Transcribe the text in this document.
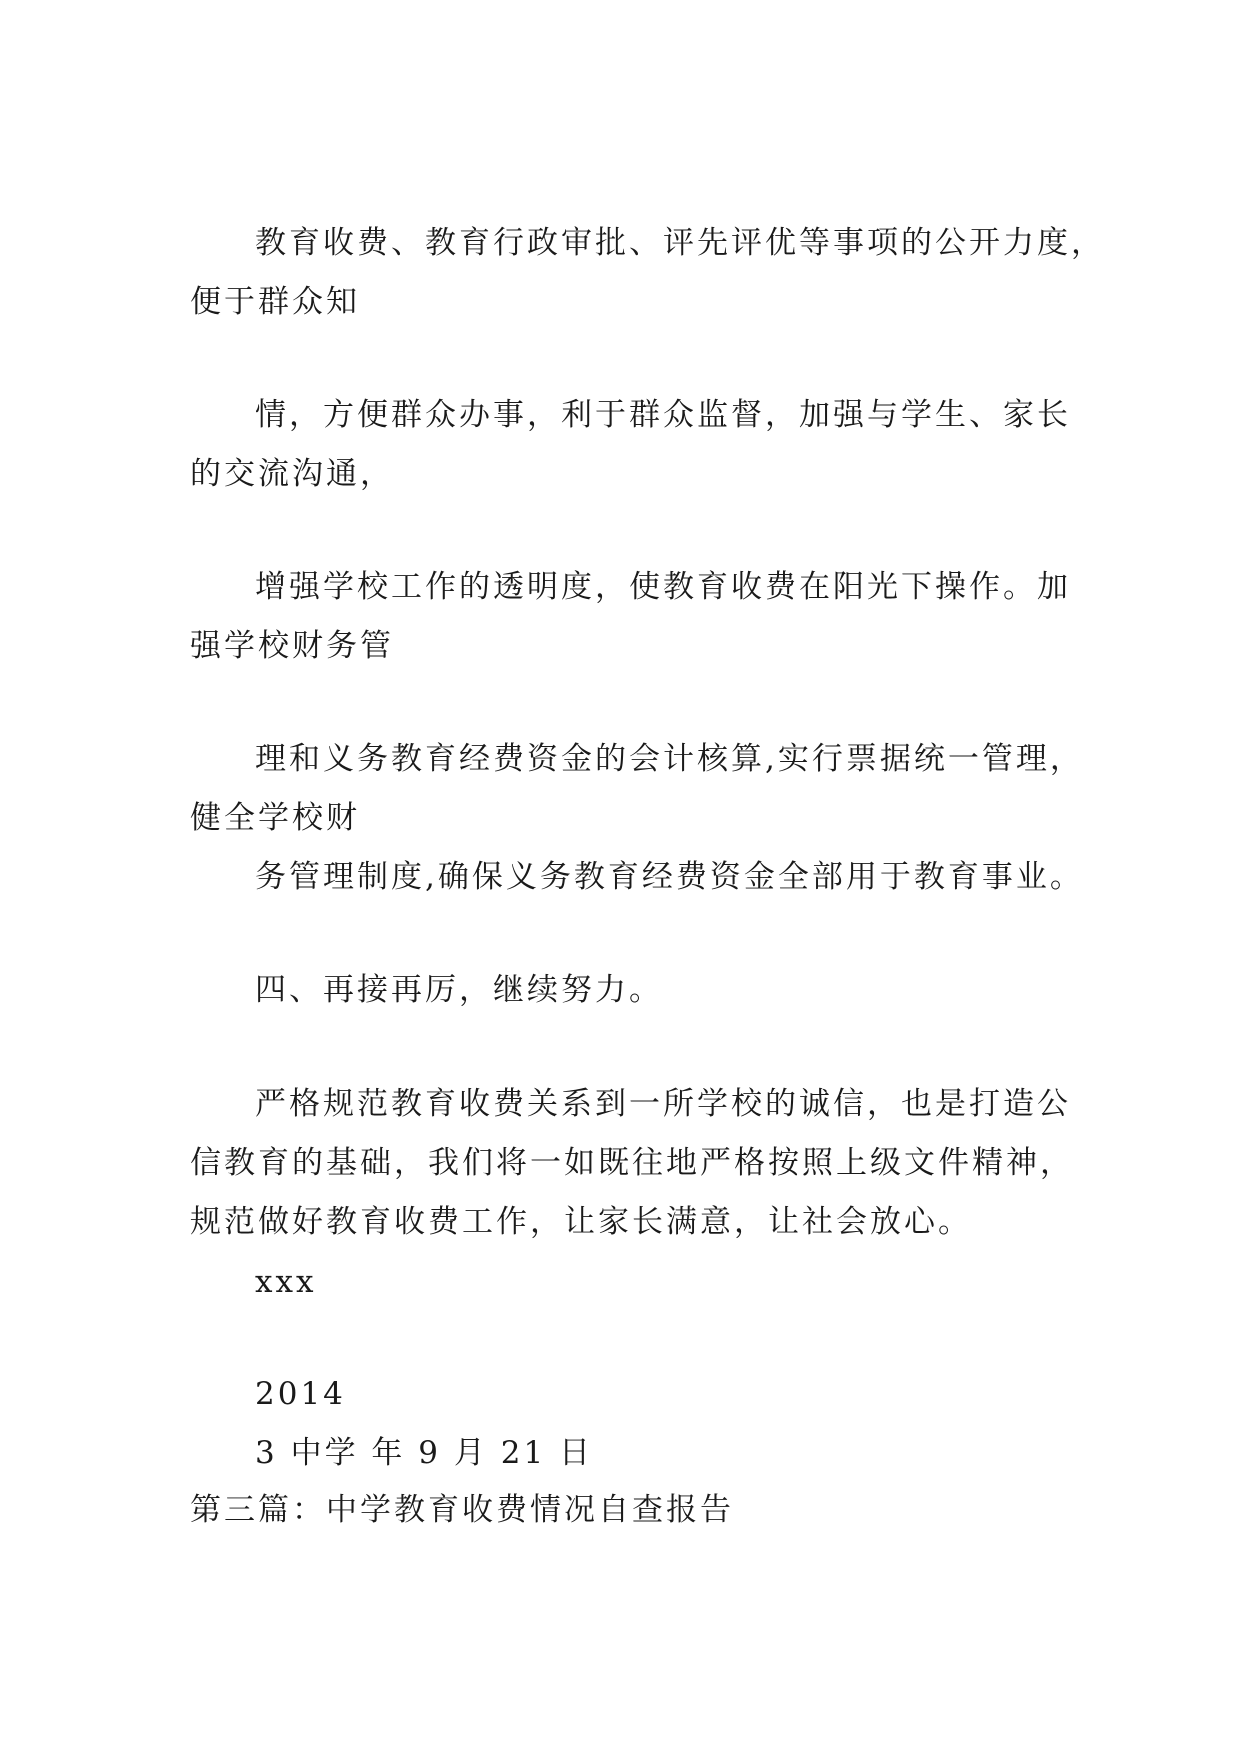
教育收费、教育行政审批、评先评优等事项的公开力度，
便于群众知
情，方便群众办事，利于群众监督，加强与学生、家长
的交流沟通，
增强学校工作的透明度，使教育收费在阳光下操作。加
强学校财务管
理和义务教育经费资金的会计核算,实行票据统一管理，
健全学校财
务管理制度,确保义务教育经费资金全部用于教育事业。
四、再接再厉，继续努力。
严格规范教育收费关系到一所学校的诚信，也是打造公
信教育的基础，我们将一如既往地严格按照上级文件精神，
规范做好教育收费工作，让家长满意，让社会放心。
xxx
2014
3 中学 年 9 月 21 日
第三篇：中学教育收费情况自查报告
